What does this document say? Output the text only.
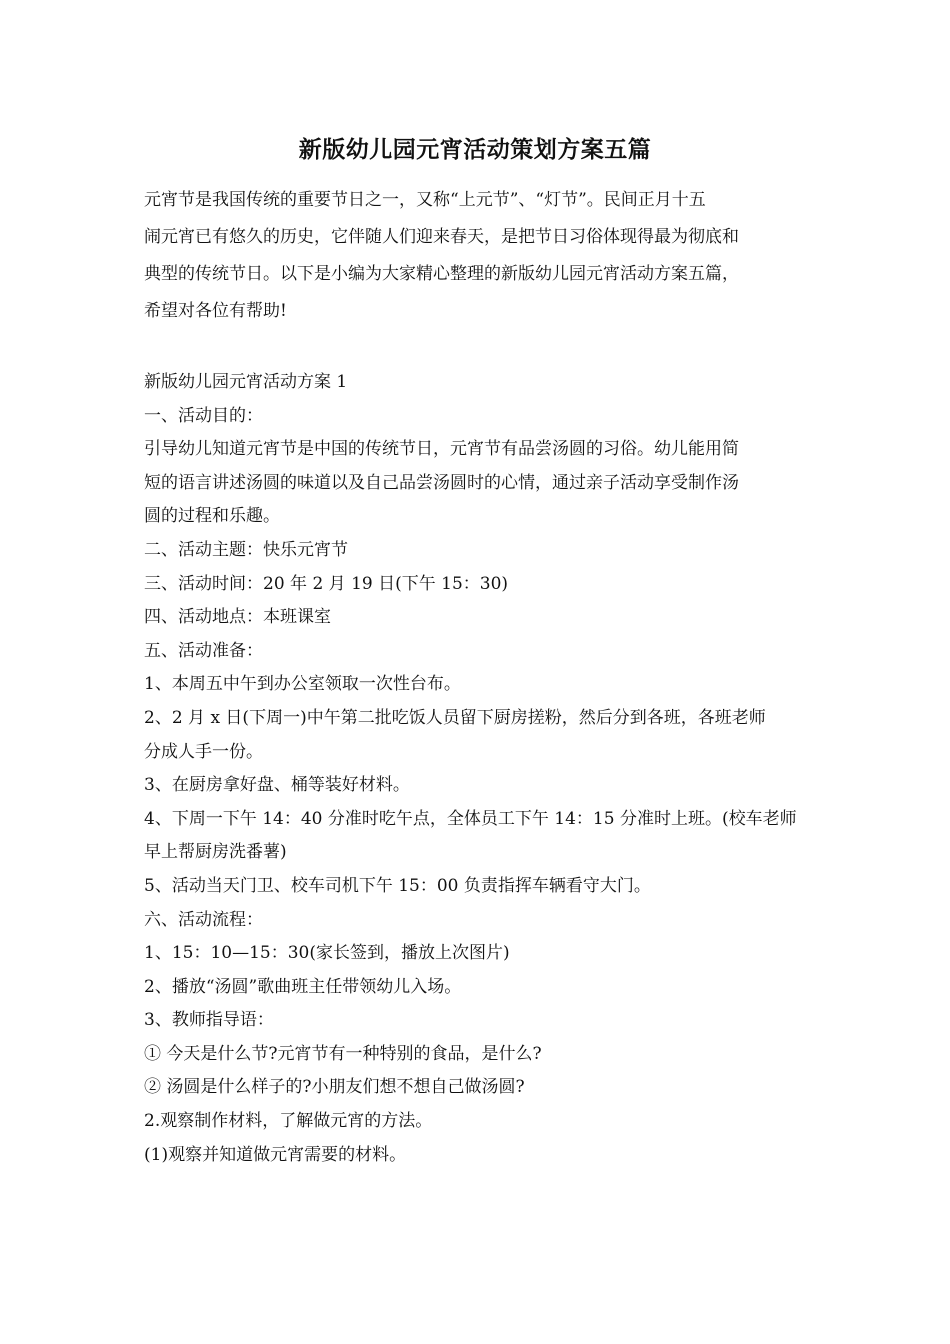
新版幼儿园元宵活动策划方案五篇
元宵节是我国传统的重要节日之一，又称“上元节”、“灯节”。民间正月十五
闹元宵已有悠久的历史，它伴随人们迎来春天，是把节日习俗体现得最为彻底和
典型的传统节日。以下是小编为大家精心整理的新版幼儿园元宵活动方案五篇，
希望对各位有帮助!
新版幼儿园元宵活动方案 1
一、活动目的：
引导幼儿知道元宵节是中国的传统节日，元宵节有品尝汤圆的习俗。幼儿能用简
短的语言讲述汤圆的味道以及自己品尝汤圆时的心情，通过亲子活动享受制作汤
圆的过程和乐趣。
二、活动主题：快乐元宵节
三、活动时间：20 年 2 月 19 日(下午 15：30)
四、活动地点：本班课室
五、活动准备：
1、本周五中午到办公室领取一次性台布。
2、2 月 x 日(下周一)中午第二批吃饭人员留下厨房搓粉，然后分到各班，各班老师
分成人手一份。
3、在厨房拿好盘、桶等装好材料。
4、下周一下午 14：40 分准时吃午点，全体员工下午 14：15 分准时上班。(校车老师
早上帮厨房洗番薯)
5、活动当天门卫、校车司机下午 15：00 负责指挥车辆看守大门。
六、活动流程：
1、15：10—15：30(家长签到，播放上次图片)
2、播放“汤圆”歌曲班主任带领幼儿入场。
3、教师指导语：
① 今天是什么节?元宵节有一种特别的食品，是什么?
② 汤圆是什么样子的?小朋友们想不想自己做汤圆?
2.观察制作材料，了解做元宵的方法。
(1)观察并知道做元宵需要的材料。
